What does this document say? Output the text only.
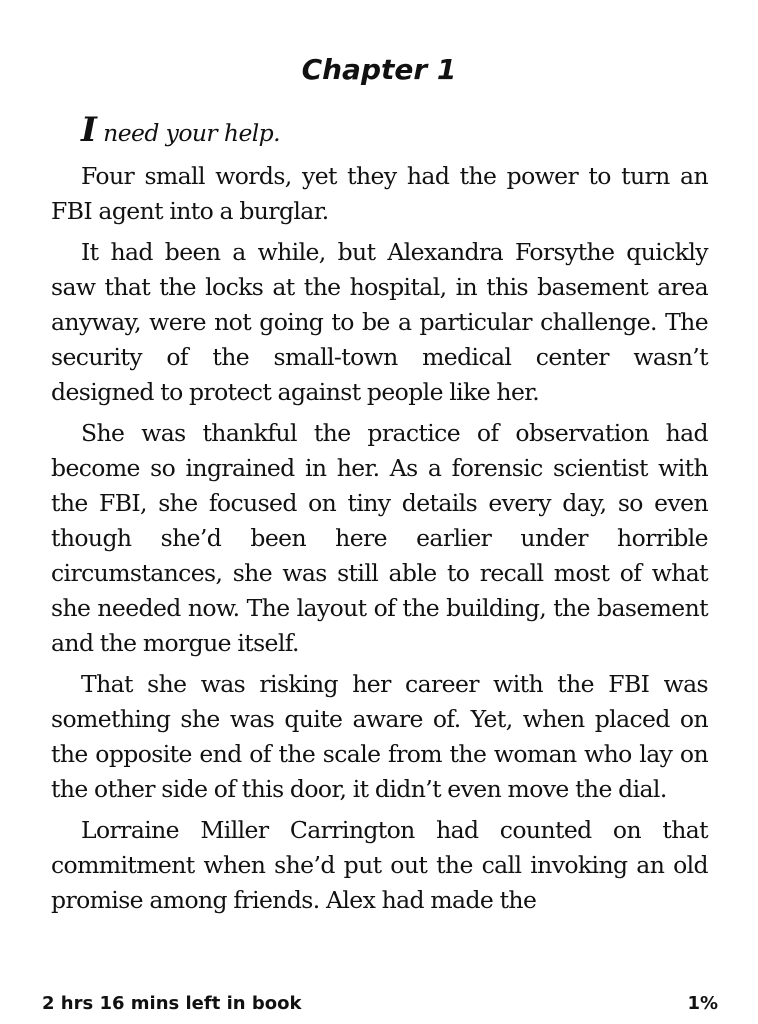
Chapter 1

I need your help.

Four small words, yet they had the power to turn an FBI agent into a burglar.

It had been a while, but Alexandra Forsythe quickly saw that the locks at the hospital, in this basement area anyway, were not going to be a particular challenge. The security of the small-town medical center wasn’t designed to protect against people like her.

She was thankful the practice of observation had become so ingrained in her. As a forensic scientist with the FBI, she focused on tiny details every day, so even though she’d been here earlier under horrible circumstances, she was still able to recall most of what she needed now. The layout of the building, the basement and the morgue itself.

That she was risking her career with the FBI was something she was quite aware of. Yet, when placed on the opposite end of the scale from the woman who lay on the other side of this door, it didn’t even move the dial.

Lorraine Miller Carrington had counted on that commitment when she’d put out the call invoking an old promise among friends. Alex had made the

2 hrs 16 mins left in book	1%
